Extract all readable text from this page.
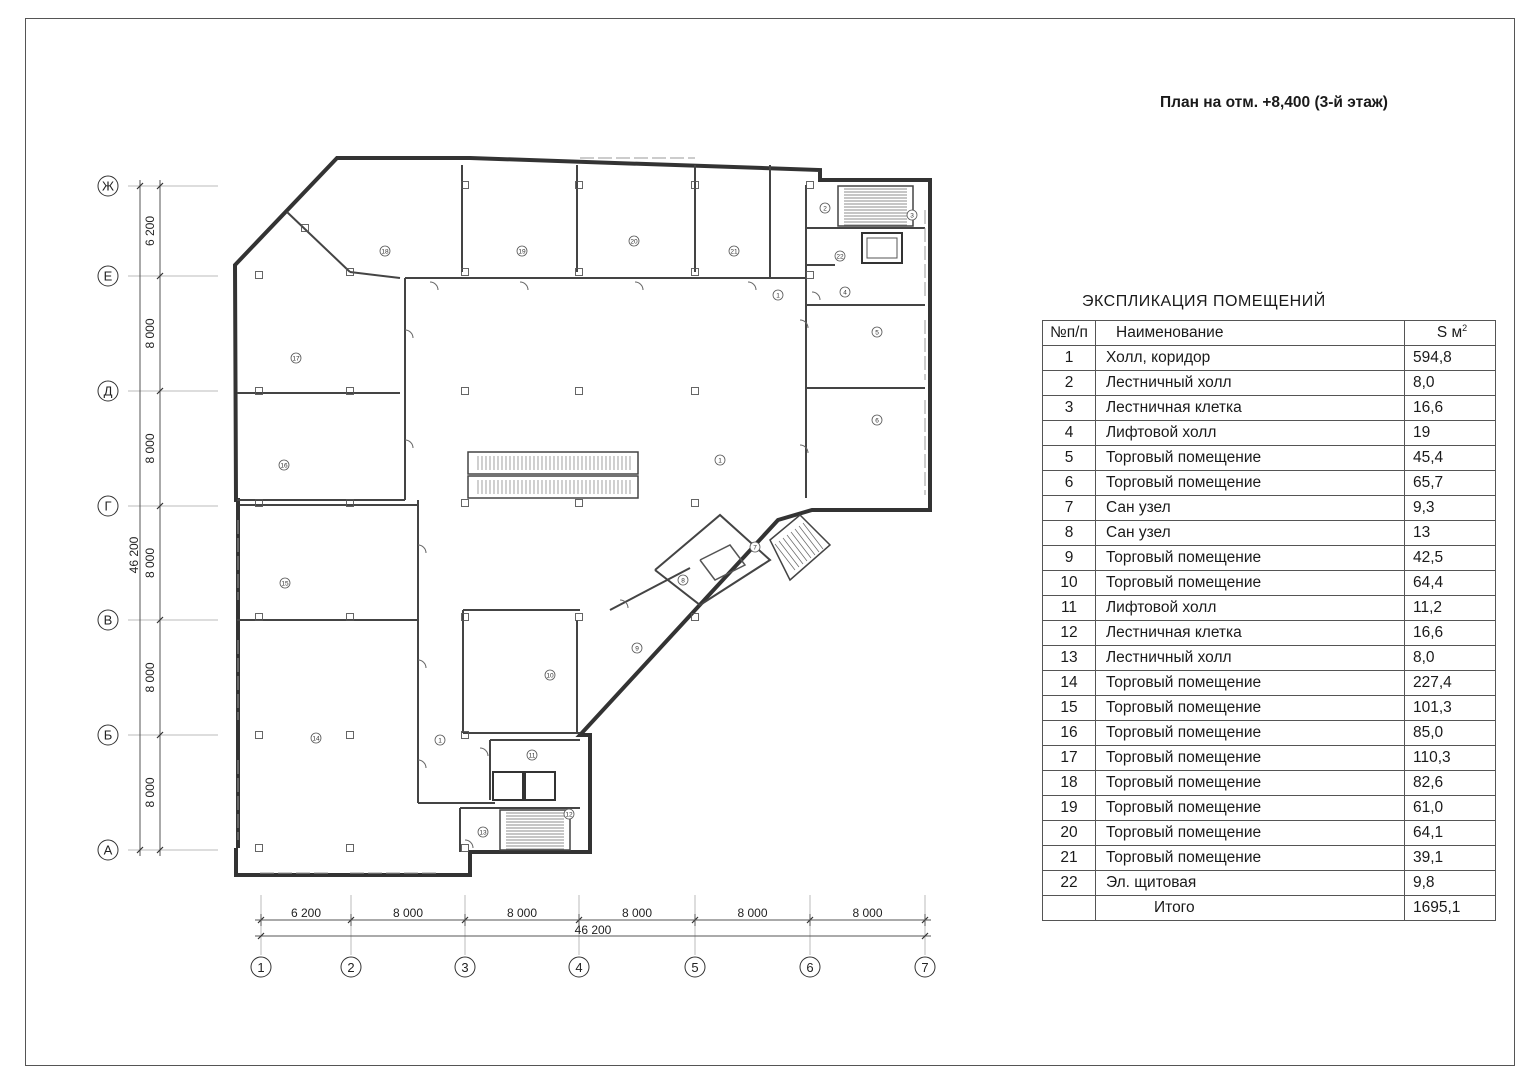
План на отм. +8,400 (3-й этаж)
ЭКСПЛИКАЦИЯ ПОМЕЩЕНИЙ
№п/п	Наименование	S $м^2$
1	Холл, коридор	594,8
2	Лестничный холл	8,0
3	Лестничная клетка	16,6
4	Лифтовой холл	19
5	Торговый помещение	45,4
6	Торговый помещение	65,7
7	Сан узел	9,3
8	Сан узел	13
9	Торговый помещение	42,5
10	Торговый помещение	64,4
11	Лифтовой холл	11,2
12	Лестничная клетка	16,6
13	Лестничный холл	8,0
14	Торговый помещение	227,4
15	Торговый помещение	101,3
16	Торговый помещение	85,0
17	Торговый помещение	110,3
18	Торговый помещение	82,6
19	Торговый помещение	61,0
20	Торговый помещение	64,1
21	Торговый помещение	39,1
22	Эл. щитовая	9,8
	Итого	1695,1
6 200	8 000	8 000	8 000	8 000	8 000
46 200
6 200
8 000
8 000
8 000
8 000
8 000
46 200
1
1
1
2
3
4
5
6
7
8
9
10
11
12
13
14
15
16
17
18	19
20
21
22
Ж
Е
Д
Г
В
Б
А
1	2	3	4	5	6	7
